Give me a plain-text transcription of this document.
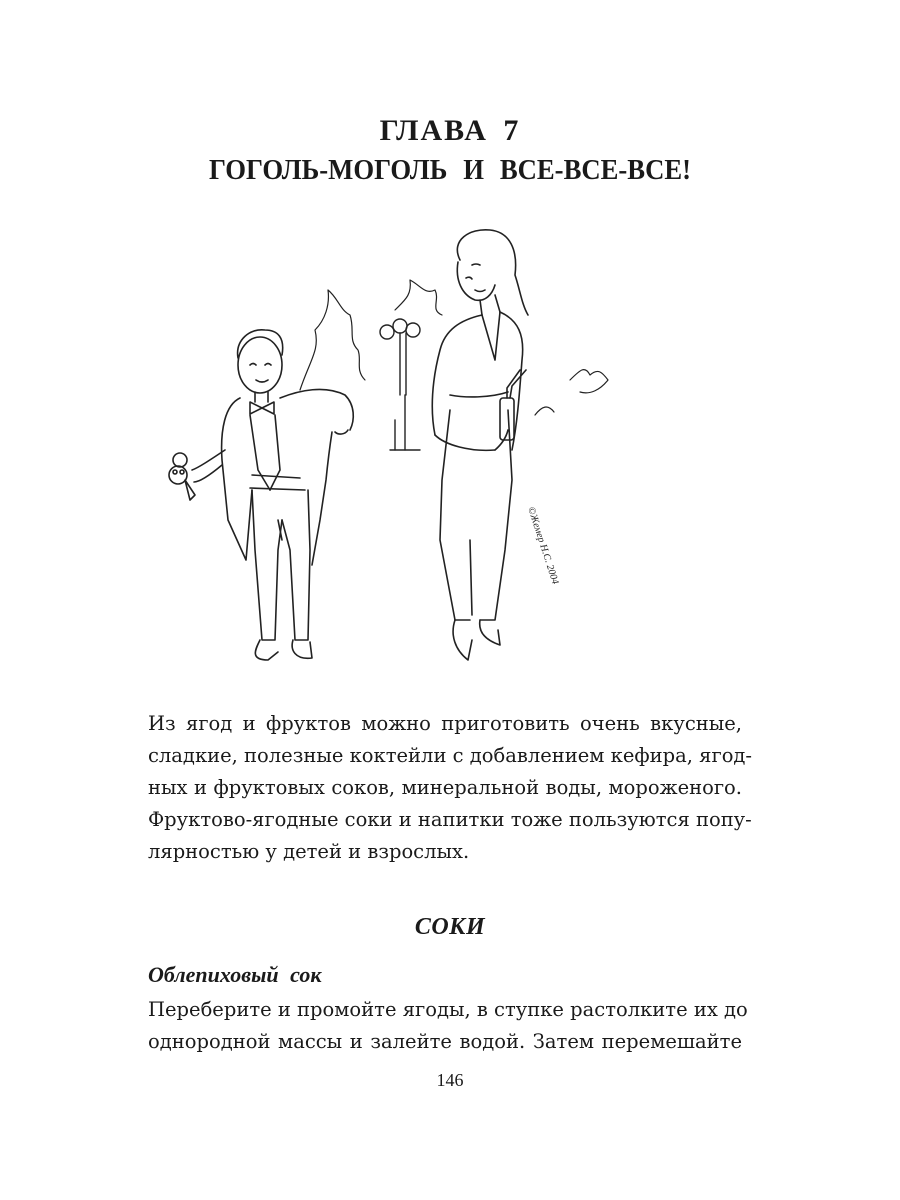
ГЛАВА 7
ГОГОЛЬ-МОГОЛЬ И ВСЕ-ВСЕ-ВСЕ!
©Жемер Н.С. 2004
Из ягод и фруктов можно приготовить очень вкусные,
сладкие, полезные коктейли с добавлением кефира, ягод-
ных и фруктовых соков, минеральной воды, мороженого.
Фруктово-ягодные соки и напитки тоже пользуются попу-
лярностью у детей и взрослых.
СОКИ
Облепиховый сок
Переберите и промойте ягоды, в ступке растолките их до
однородной массы и залейте водой. Затем перемешайте
146
